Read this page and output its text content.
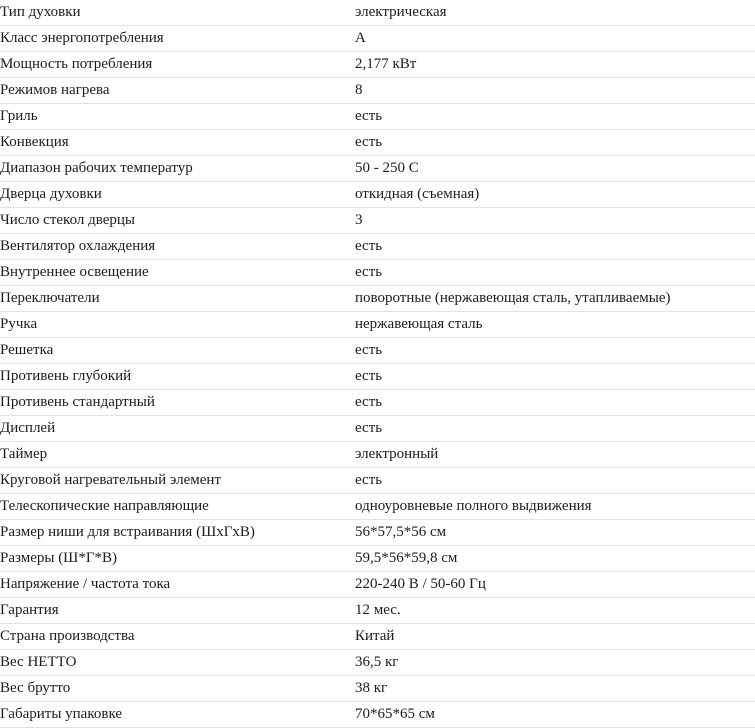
Тип духовки	электрическая
Класс энергопотребления	A
Мощность потребления	2,177 кВт
Режимов нагрева	8
Гриль	есть
Конвекция	есть
Диапазон рабочих температур	50 - 250 С
Дверца духовки	откидная (съемная)
Число стекол дверцы	3
Вентилятор охлаждения	есть
Внутреннее освещение	есть
Переключатели	поворотные (нержавеющая сталь, утапливаемые)
Ручка	нержавеющая сталь
Решетка	есть
Противень глубокий	есть
Противень стандартный	есть
Дисплей	есть
Таймер	электронный
Круговой нагревательный элемент	есть
Телескопические направляющие	одноуровневые полного выдвижения
Размер ниши для встраивания (ШхГхВ)	56*57,5*56 см
Размеры (Ш*Г*В)	59,5*56*59,8 см
Напряжение / частота тока	220-240 В / 50-60 Гц
Гарантия	12 мес.
Страна производства	Китай
Вес НЕТТО	36,5 кг
Вес брутто	38 кг
Габариты упаковке	70*65*65 см
